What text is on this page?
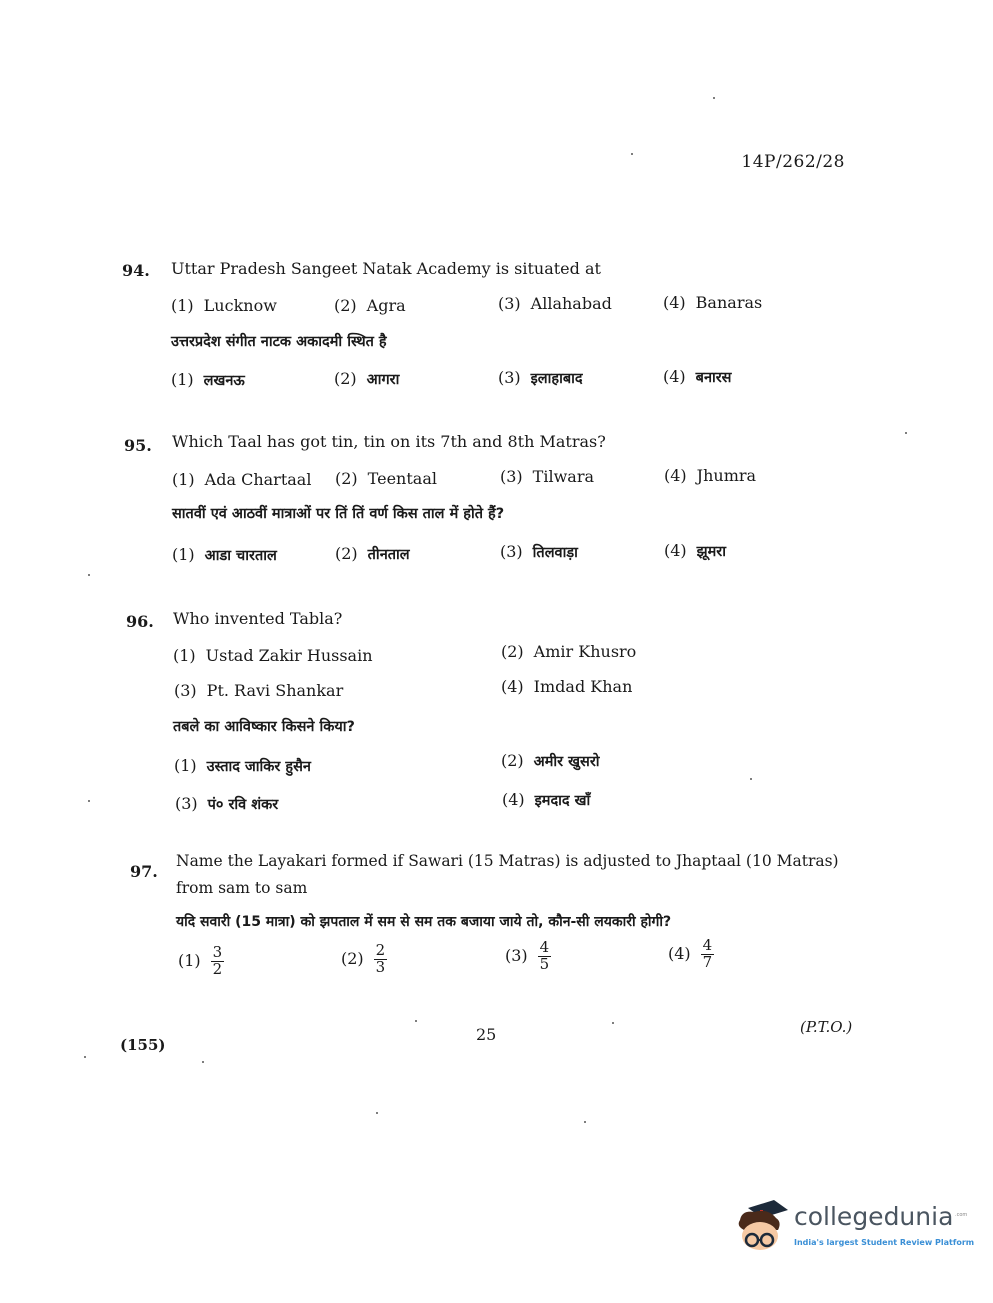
14P/262/28
94. Uttar Pradesh Sangeet Natak Academy is situated at
(1) Lucknow	(2) Agra	(3) Allahabad	(4) Banaras
उत्तरप्रदेश संगीत नाटक अकादमी स्थित है
(1) लखनऊ	(2) आगरा	(3) इलाहाबाद	(4) बनारस
95. Which Taal has got tin, tin on its 7th and 8th Matras?
(1) Ada Chartaal (2) Teentaal	(3) Tilwara	(4) Jhumra
सातवीं एवं आठवीं मात्राओं पर तिं तिं वर्ण किस ताल में होते हैं?
(1) आडा चारताल	(2) तीनताल	(3) तिलवाड़ा	(4) झूमरा
96. Who invented Tabla?
(1) Ustad Zakir Hussain	(2) Amir Khusro
(3) Pt. Ravi Shankar	(4) Imdad Khan
तबले का आविष्कार किसने किया?
(1) उस्ताद जाकिर हुसैन	(2) अमीर खुसरो
(3) पं० रवि शंकर	(4) इमदाद खाँ
97.
Name the Layakari formed if Sawari (15 Matras) is adjusted to Jhaptaal (10 Matras)
from sam to sam
यदि सवारी (15 मात्रा) को झपताल में सम से सम तक बजाया जाये तो, कौन-सी लयकारी होगी?
$(1) \frac{3}{2}$	$(2) \frac{2}{3}$	$(3) \frac{4}{5}$	$(4) \frac{4}{7}$
25	(P.T.O.)
(155)
collegedunia .com
India's largest Student Review Platform
